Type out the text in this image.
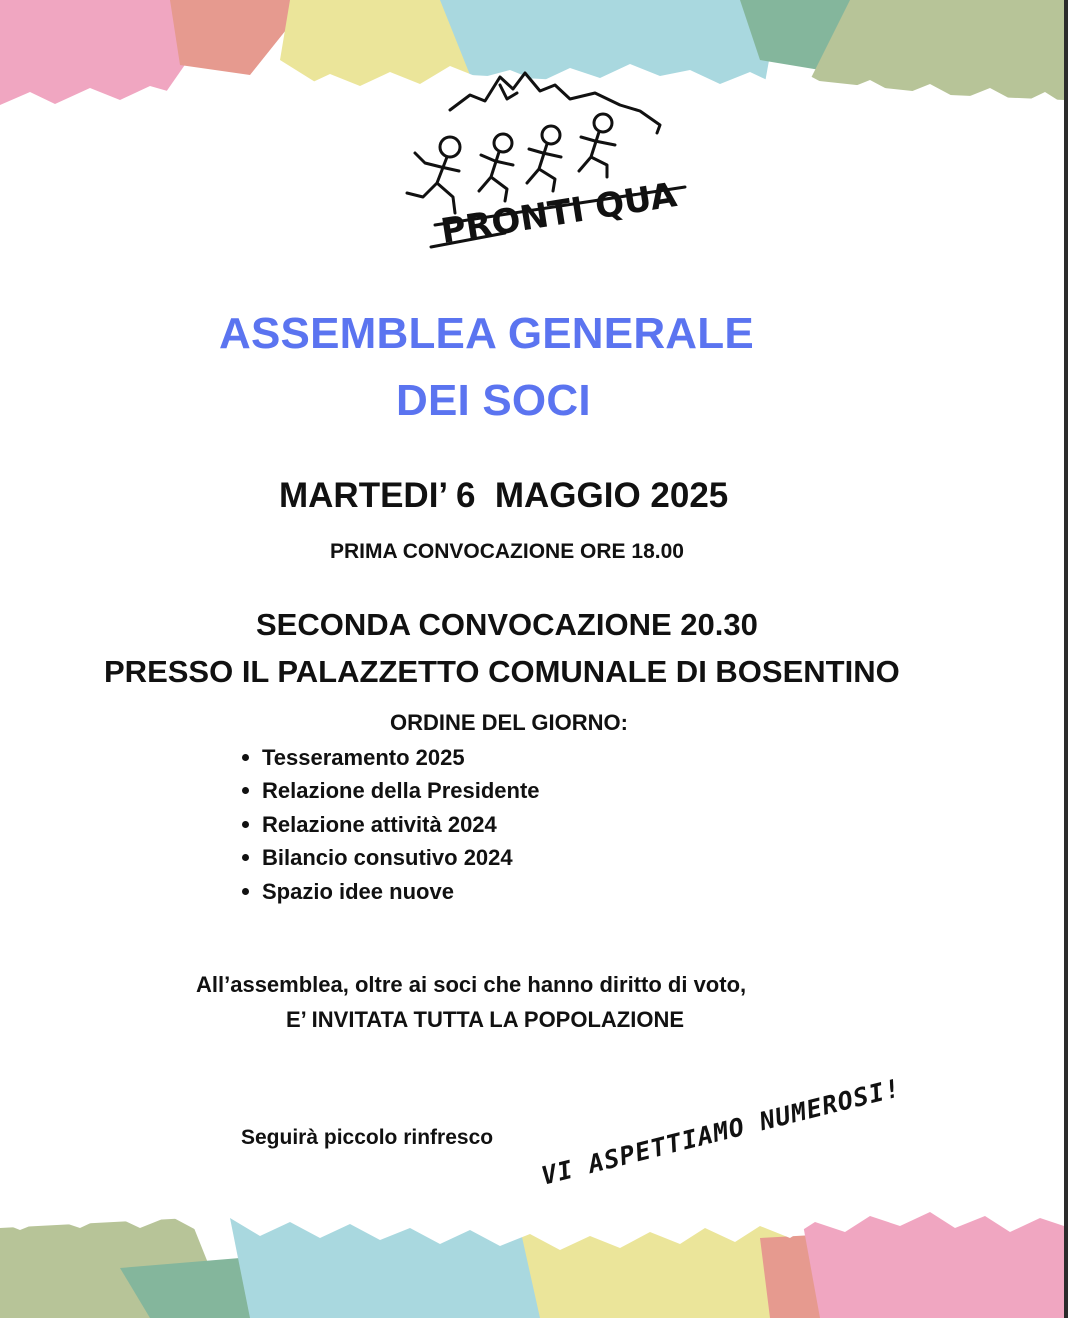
PRONTI QUA

ASSEMBLEA GENERALE

DEI SOCI

MARTEDI’ 6  MAGGIO 2025

PRIMA CONVOCAZIONE ORE 18.00

SECONDA CONVOCAZIONE 20.30

PRESSO IL PALAZZETTO COMUNALE DI BOSENTINO

ORDINE DEL GIORNO:

Tesseramento 2025
Relazione della Presidente
Relazione attività 2024
Bilancio consutivo 2024
Spazio idee nuove

All’assemblea, oltre ai soci che hanno diritto di voto,

E’ INVITATA TUTTA LA POPOLAZIONE

Seguirà piccolo rinfresco VI ASPETTIAMO NUMEROSI!
